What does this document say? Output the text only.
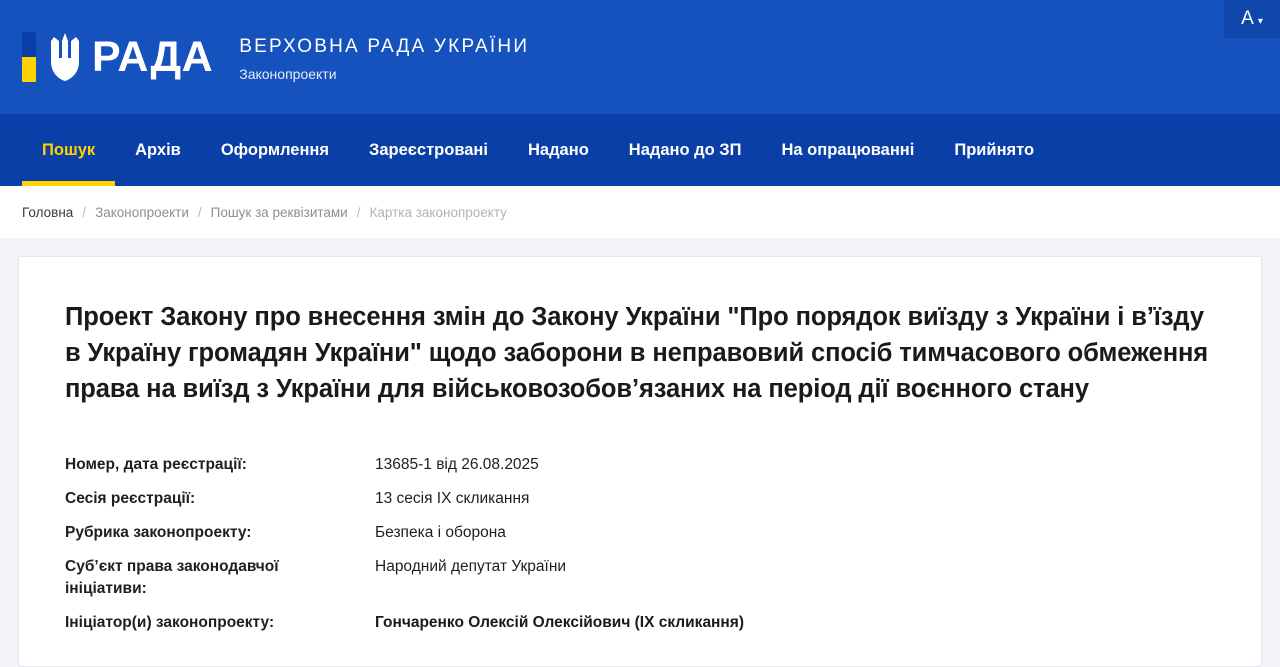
РАДА ВЕРХОВНА РАДА УКРАЇНИ
Законопроекти
A ▾
Пошук	Архів	Оформлення	Зареєстровані	Надано	Надано до ЗП	На опрацюванні	Прийнято
Головна / Законопроекти / Пошук за реквізитами / Картка законопроекту
Проект Закону про внесення змін до Закону України "Про порядок виїзду з України і в’їзду в Україну громадян України" щодо заборони в неправовий спосіб тимчасового обмеження права на виїзд з України для військовозобов’язаних на період дії воєнного стану
Номер, дата реєстрації:	13685-1 від 26.08.2025
Сесія реєстрації:	13 сесія IX скликання
Рубрика законопроекту:	Безпека і оборона
Суб’єкт права законодавчої ініціативи:	Народний депутат України
Ініціатор(и) законопроекту:	Гончаренко Олексій Олексійович (IX скликання)
